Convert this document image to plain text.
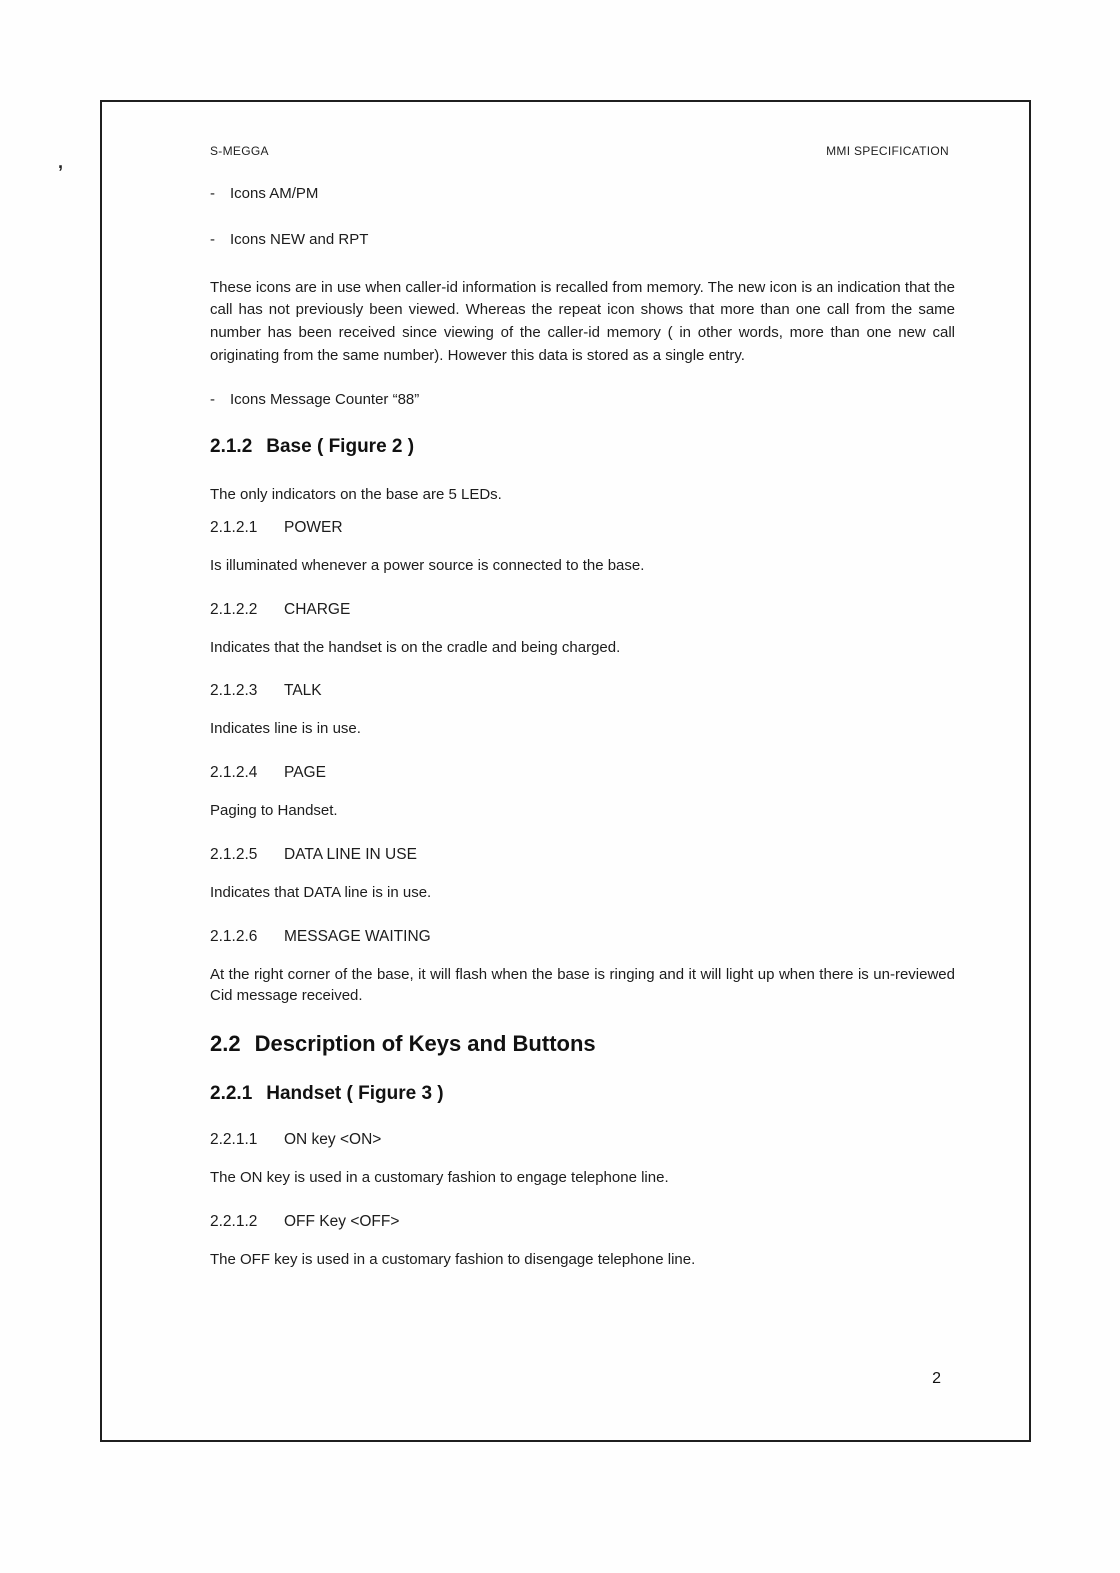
,
S-MEGGA	MMI SPECIFICATION

- Icons AM/PM

- Icons NEW and RPT

These icons are in use when caller-id information is recalled from memory. The new icon is an indication that the call has not previously been viewed. Whereas the repeat icon shows that more than one call from the same number has been received since viewing of the caller-id memory ( in other words, more than one new call originating from the same number). However this data is stored as a single entry.

- Icons Message Counter “88”

2.1.2 Base ( Figure 2 )

The only indicators on the base are 5 LEDs.

2.1.2.1 POWER

Is illuminated whenever a power source is connected to the base.

2.1.2.2 CHARGE

Indicates that the handset is on the cradle and being charged.

2.1.2.3 TALK

Indicates line is in use.

2.1.2.4 PAGE

Paging to Handset.

2.1.2.5 DATA LINE IN USE

Indicates that DATA line is in use.

2.1.2.6 MESSAGE WAITING

At the right corner of the base, it will flash when the base is ringing and it will light up when there is un-reviewed Cid message received.

2.2 Description of Keys and Buttons
2.2.1 Handset ( Figure 3 )

2.2.1.1 ON key <ON>

The ON key is used in a customary fashion to engage telephone line.

2.2.1.2 OFF Key <OFF>

The OFF key is used in a customary fashion to disengage telephone line.

2
